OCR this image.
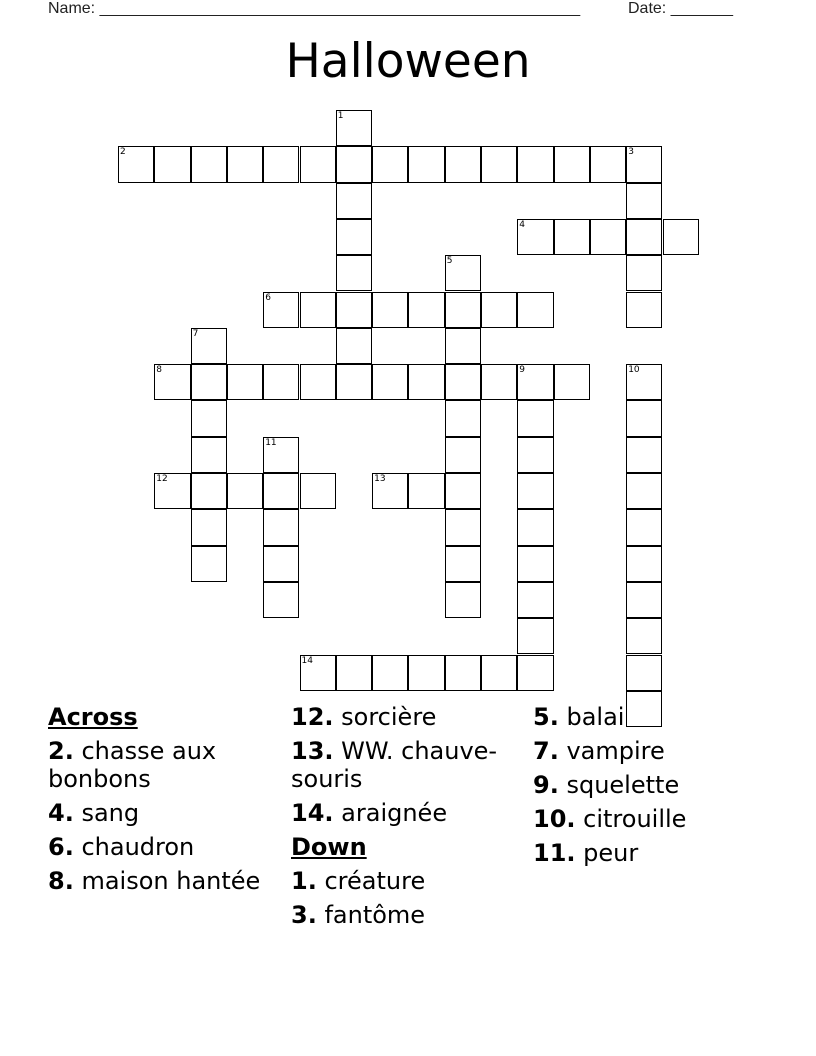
Name: ______________________________________________________	Date: _______
Halloween
1
2	3
4
5
6
7
8	9	10
11
12	13
14
Across
2. chasse aux bonbons
4. sang
6. chaudron
8. maison hantée
12. sorcière
13. WW. chauve-souris
14. araignée
Down
1. créature
3. fantôme
5. balai
7. vampire
9. squelette
10. citrouille
11. peur
